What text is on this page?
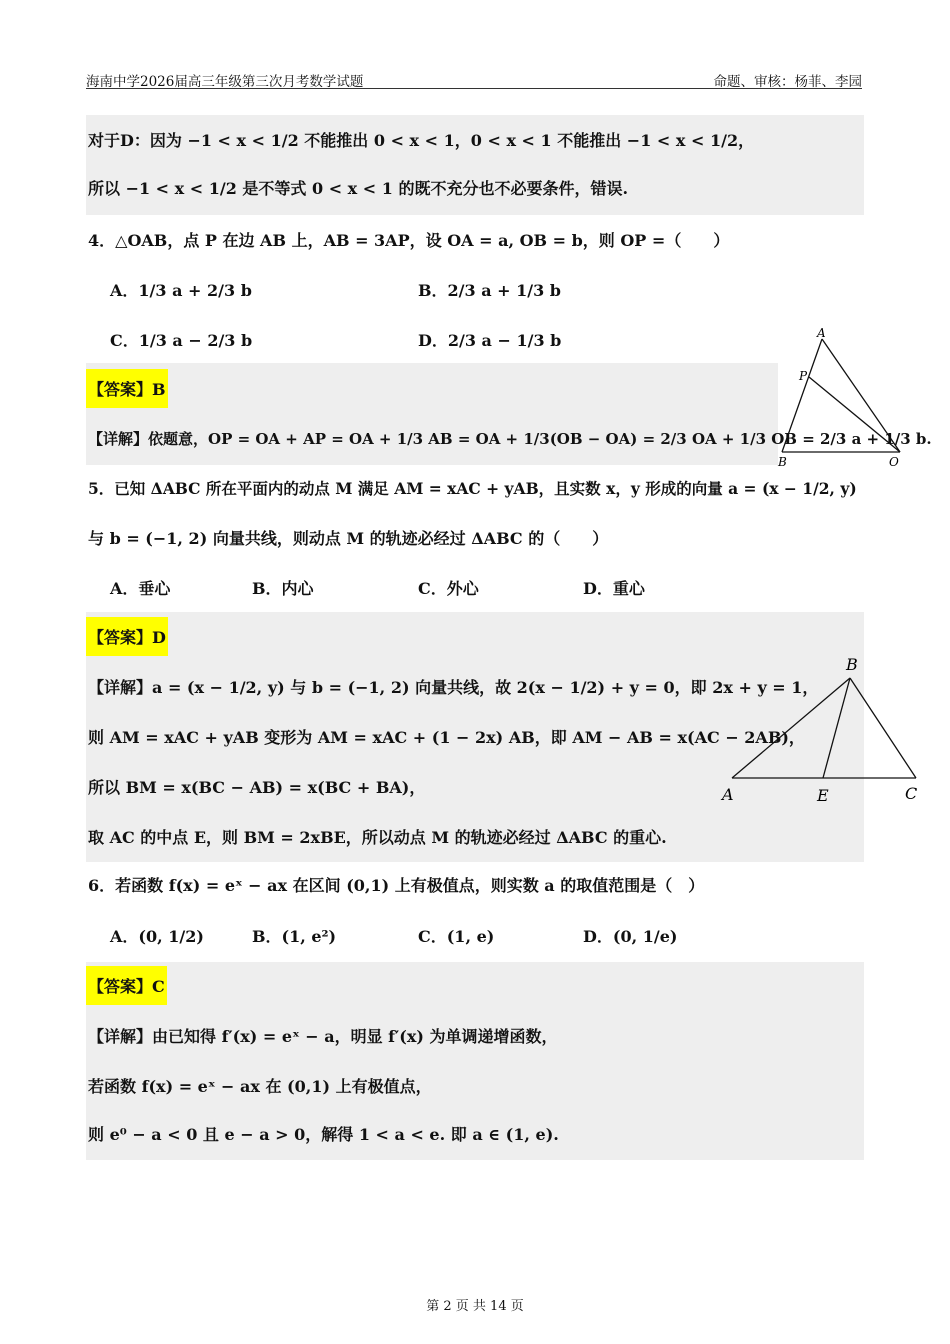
海南中学2026届高三年级第三次月考数学试题	命题、审核：杨菲、李园
对于D：因为 −1 < x < 1/2 不能推出 0 < x < 1，0 < x < 1 不能推出 −1 < x < 1/2，
所以 −1 < x < 1/2 是不等式 0 < x < 1 的既不充分也不必要条件，错误.
4．△OAB，点 P 在边 AB 上，AB = 3AP，设 OA = a, OB = b，则 OP =（　　）
A．1/3 a + 2/3 b	B．2/3 a + 1/3 b
C．1/3 a − 2/3 b	D．2/3 a − 1/3 b
【答案】B
【详解】依题意，OP = OA + AP = OA + 1/3 AB = OA + 1/3(OB − OA) = 2/3 OA + 1/3 OB = 2/3 a + 1/3 b.
A
P
B	O
5．已知 ΔABC 所在平面内的动点 M 满足 AM = xAC + yAB，且实数 x，y 形成的向量 a = (x − 1/2, y)
与 b = (−1, 2) 向量共线，则动点 M 的轨迹必经过 ΔABC 的（　　）
A．垂心	B．内心	C．外心	D．重心
【答案】D
【详解】a = (x − 1/2, y) 与 b = (−1, 2) 向量共线，故 2(x − 1/2) + y = 0，即 2x + y = 1，
则 AM = xAC + yAB 变形为 AM = xAC + (1 − 2x) AB，即 AM − AB = x(AC − 2AB)，
所以 BM = x(BC − AB) = x(BC + BA)，
取 AC 的中点 E，则 BM = 2xBE，所以动点 M 的轨迹必经过 ΔABC 的重心.
B
A	E	C
6．若函数 f(x) = eˣ − ax 在区间 (0,1) 上有极值点，则实数 a 的取值范围是（　）
A．(0, 1/2)	B．(1, e²)	C．(1, e)	D．(0, 1/e)
【答案】C
【详解】由已知得 f′(x) = eˣ − a，明显 f′(x) 为单调递增函数，
若函数 f(x) = eˣ − ax 在 (0,1) 上有极值点，
则 e⁰ − a < 0 且 e − a > 0，解得 1 < a < e. 即 a ∈ (1, e).
第 2 页 共 14 页
